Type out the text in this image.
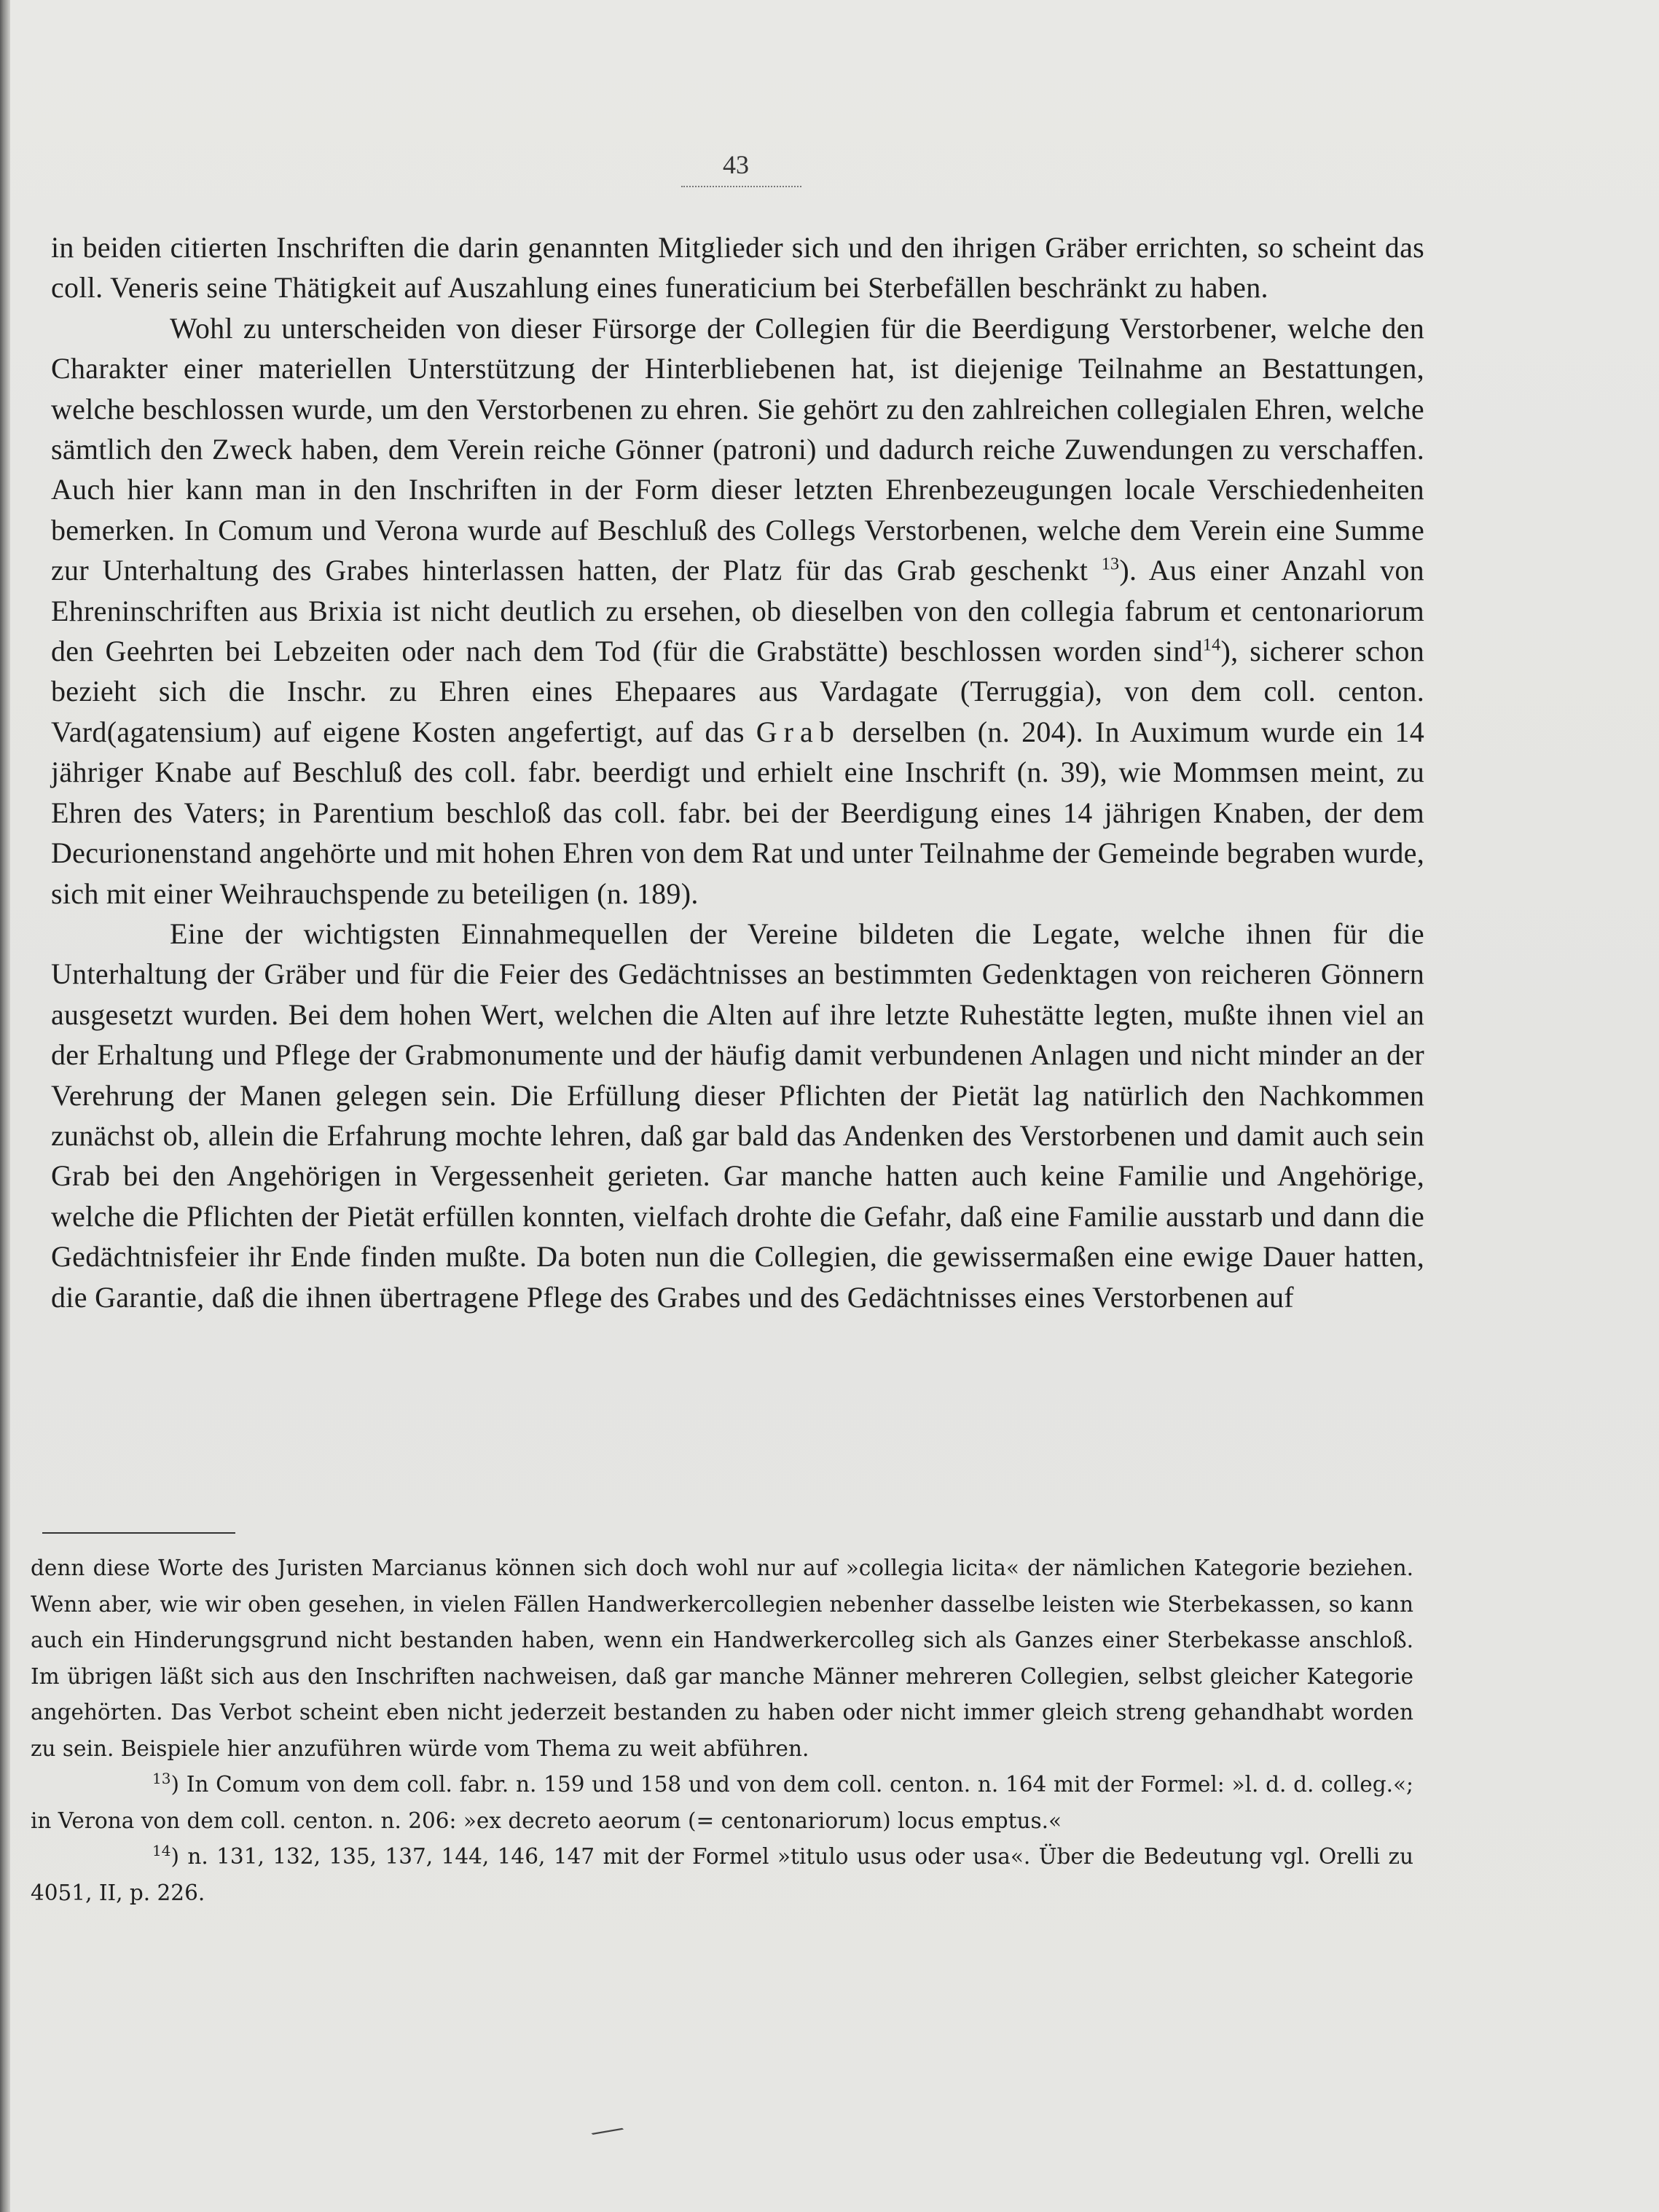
43

in beiden citierten Inschriften die darin genannten Mitglieder sich und den ihrigen Gräber errichten, so scheint das coll. Veneris seine Thätigkeit auf Auszahlung eines funeraticium bei Sterbefällen beschränkt zu haben.

Wohl zu unterscheiden von dieser Fürsorge der Collegien für die Beerdigung Verstorbener, welche den Charakter einer materiellen Unterstützung der Hinterbliebenen hat, ist diejenige Teilnahme an Bestattungen, welche beschlossen wurde, um den Verstorbenen zu ehren. Sie gehört zu den zahlreichen collegialen Ehren, welche sämtlich den Zweck haben, dem Verein reiche Gönner (patroni) und dadurch reiche Zuwendungen zu verschaffen. Auch hier kann man in den Inschriften in der Form dieser letzten Ehrenbezeugungen locale Verschiedenheiten bemerken. In Comum und Verona wurde auf Beschluß des Collegs Verstorbenen, welche dem Verein eine Summe zur Unterhaltung des Grabes hinterlassen hatten, der Platz für das Grab geschenkt $^{13}$). Aus einer Anzahl von Ehreninschriften aus Brixia ist nicht deutlich zu ersehen, ob dieselben von den collegia fabrum et centonariorum den Geehrten bei Lebzeiten oder nach dem Tod (für die Grabstätte) beschlossen worden sind$^{14}$), sicherer schon bezieht sich die Inschr. zu Ehren eines Ehepaares aus Vardagate (Terruggia), von dem coll. centon. Vard(agatensium) auf eigene Kosten angefertigt, auf das Grab derselben (n. 204). In Auximum wurde ein 14 jähriger Knabe auf Beschluß des coll. fabr. beerdigt und erhielt eine Inschrift (n. 39), wie Mommsen meint, zu Ehren des Vaters; in Parentium beschloß das coll. fabr. bei der Beerdigung eines 14 jährigen Knaben, der dem Decurionenstand angehörte und mit hohen Ehren von dem Rat und unter Teilnahme der Gemeinde begraben wurde, sich mit einer Weihrauchspende zu beteiligen (n. 189).

Eine der wichtigsten Einnahmequellen der Vereine bildeten die Legate, welche ihnen für die Unterhaltung der Gräber und für die Feier des Gedächtnisses an bestimmten Gedenktagen von reicheren Gönnern ausgesetzt wurden. Bei dem hohen Wert, welchen die Alten auf ihre letzte Ruhestätte legten, mußte ihnen viel an der Erhaltung und Pflege der Grabmonumente und der häufig damit verbundenen Anlagen und nicht minder an der Verehrung der Manen gelegen sein. Die Erfüllung dieser Pflichten der Pietät lag natürlich den Nachkommen zunächst ob, allein die Erfahrung mochte lehren, daß gar bald das Andenken des Verstorbenen und damit auch sein Grab bei den Angehörigen in Vergessenheit gerieten. Gar manche hatten auch keine Familie und Angehörige, welche die Pflichten der Pietät erfüllen konnten, vielfach drohte die Gefahr, daß eine Familie ausstarb und dann die Gedächtnisfeier ihr Ende finden mußte. Da boten nun die Collegien, die gewissermaßen eine ewige Dauer hatten, die Garantie, daß die ihnen übertragene Pflege des Grabes und des Gedächtnisses eines Verstorbenen auf

denn diese Worte des Juristen Marcianus können sich doch wohl nur auf »collegia licita« der nämlichen Kategorie beziehen. Wenn aber, wie wir oben gesehen, in vielen Fällen Handwerkercollegien nebenher dasselbe leisten wie Sterbekassen, so kann auch ein Hinderungsgrund nicht bestanden haben, wenn ein Handwerkercolleg sich als Ganzes einer Sterbekasse anschloß. Im übrigen läßt sich aus den Inschriften nachweisen, daß gar manche Männer mehreren Collegien, selbst gleicher Kategorie angehörten. Das Verbot scheint eben nicht jederzeit bestanden zu haben oder nicht immer gleich streng gehandhabt worden zu sein. Beispiele hier anzuführen würde vom Thema zu weit abführen.

$^{13}$) In Comum von dem coll. fabr. n. 159 und 158 und von dem coll. centon. n. 164 mit der Formel: »l. d. d. colleg.«; in Verona von dem coll. centon. n. 206: »ex decreto aeorum (= centonariorum) locus emptus.«

$^{14}$) n. 131, 132, 135, 137, 144, 146, 147 mit der Formel »titulo usus oder usa«. Über die Bedeutung vgl. Orelli zu 4051, II, p. 226.

⟋
